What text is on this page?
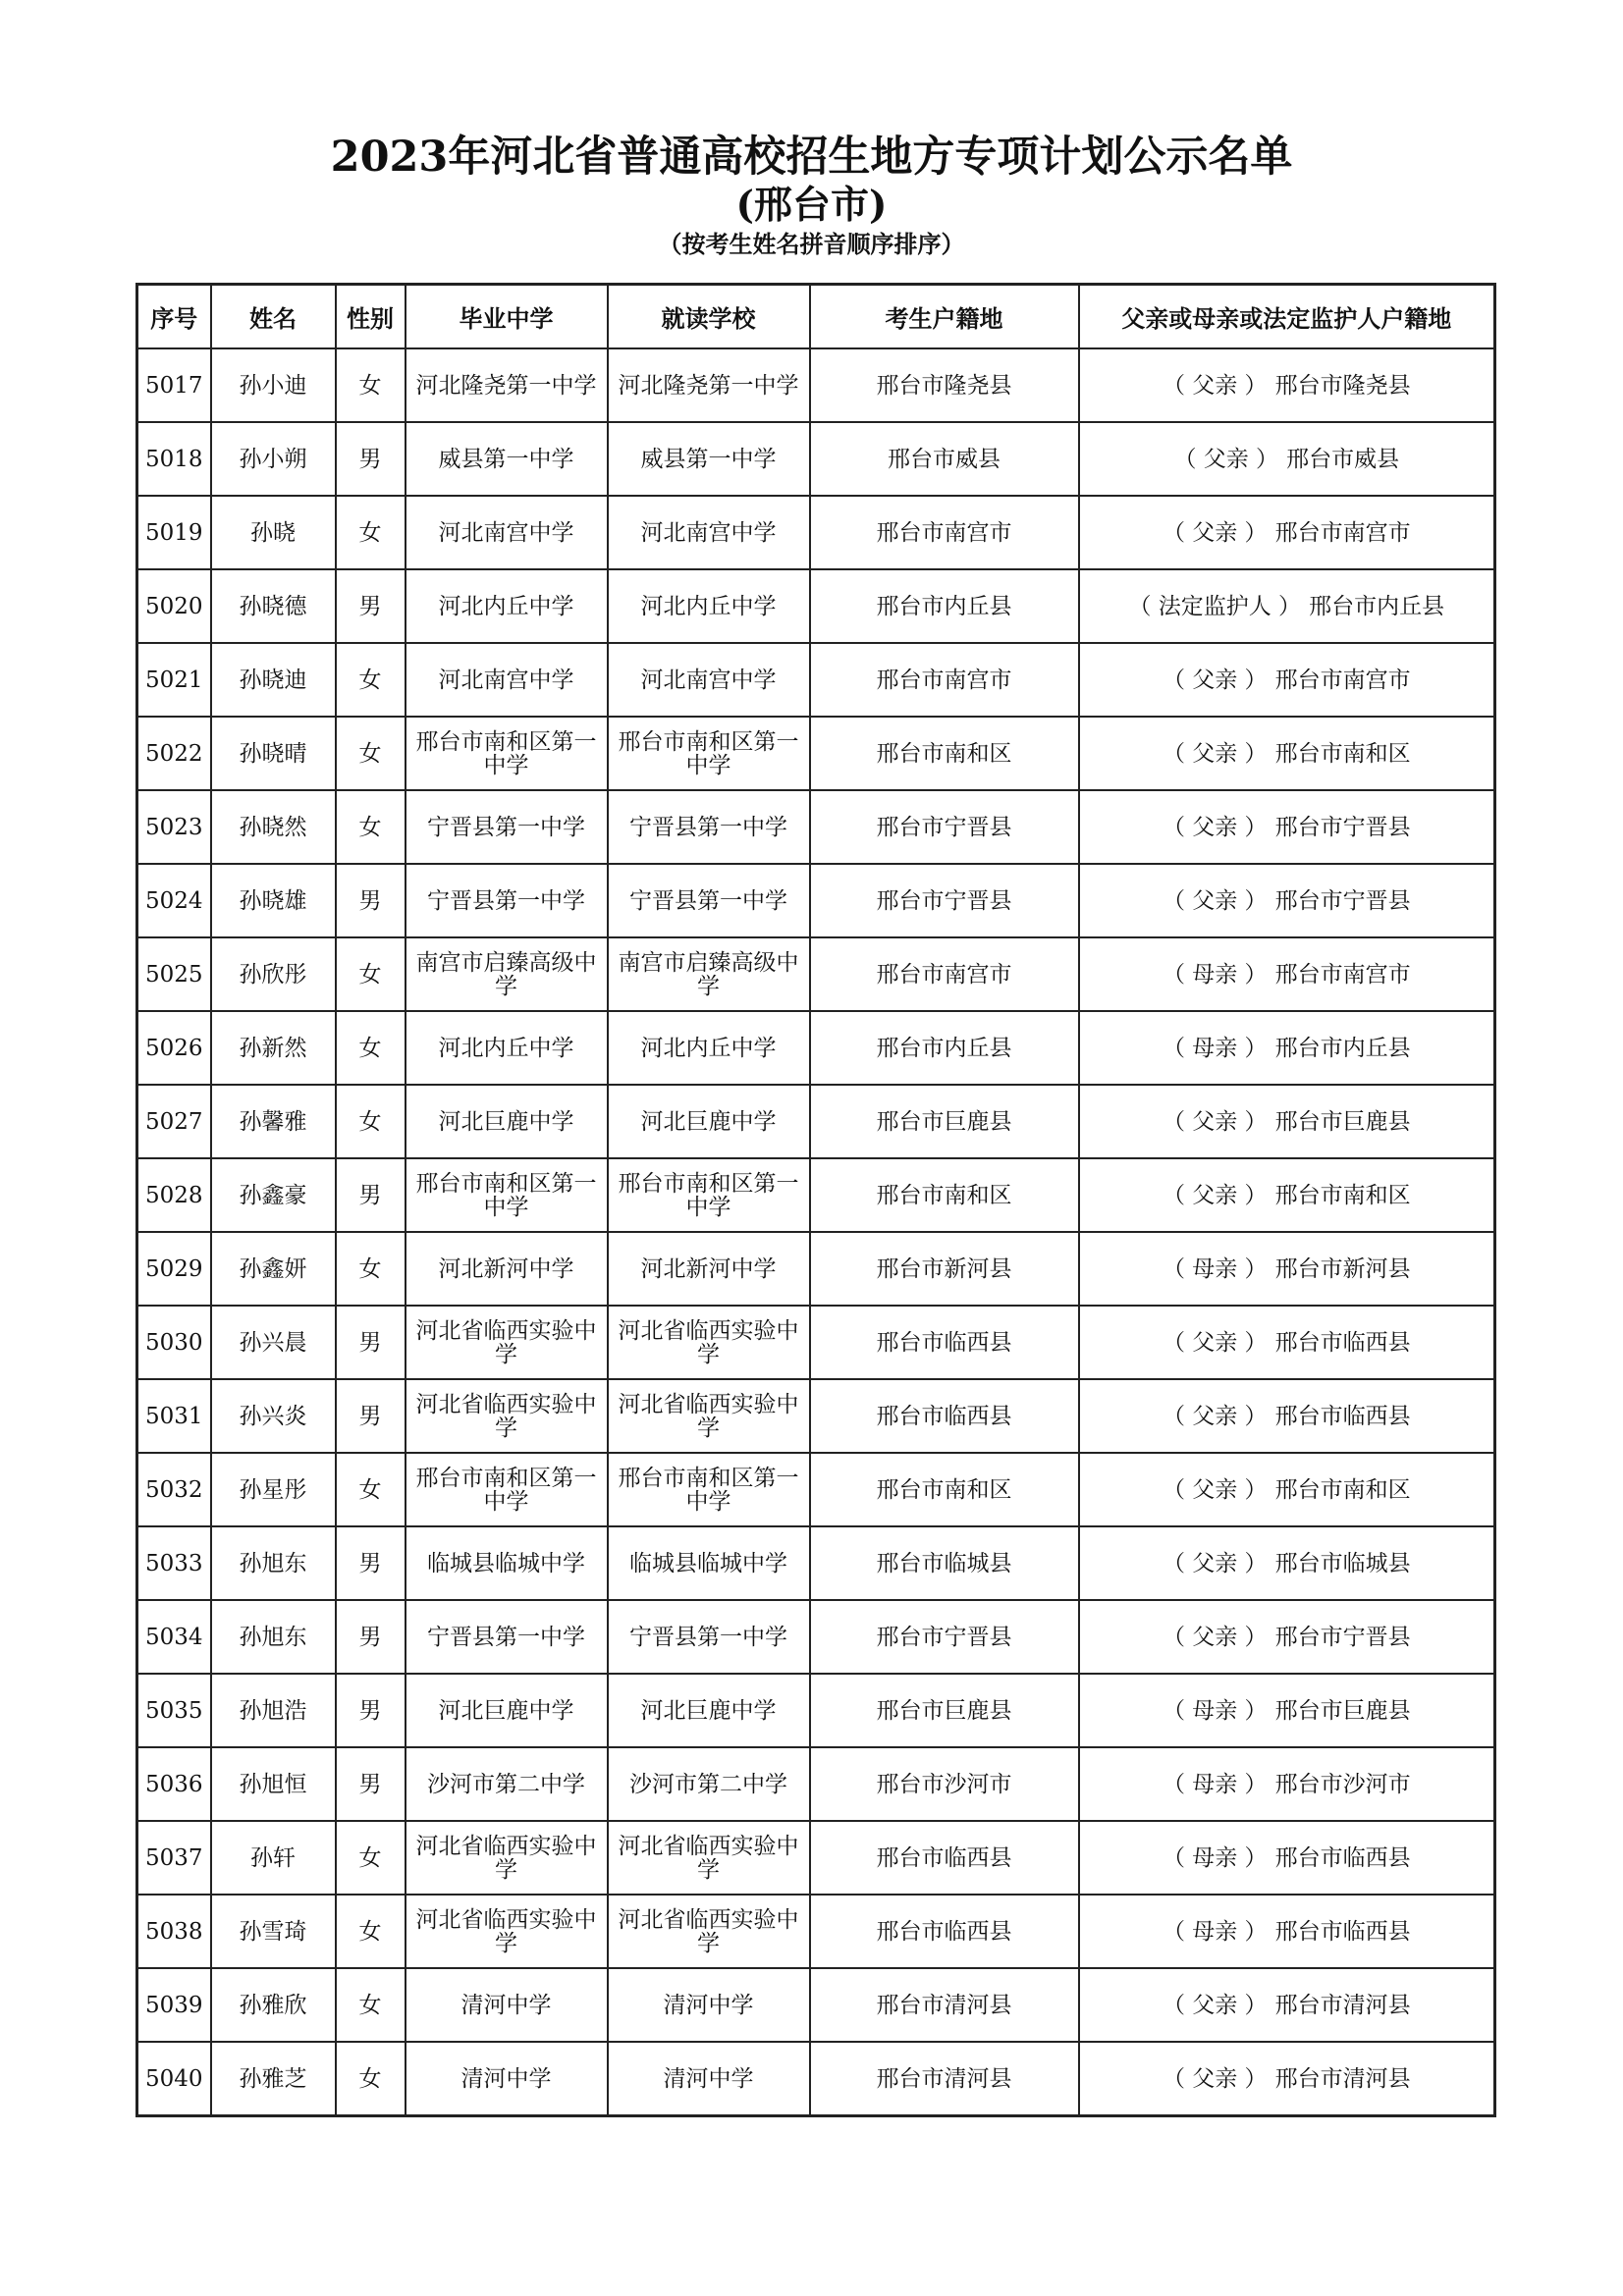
2023年河北省普通高校招生地方专项计划公示名单
(邢台市)
（按考生姓名拼音顺序排序）
序号	姓名	性别	毕业中学	就读学校	考生户籍地	父亲或母亲或法定监护人户籍地
5017	孙小迪	女	河北隆尧第一中学	河北隆尧第一中学	邢台市隆尧县	（ 父亲 ） 邢台市隆尧县
5018	孙小朔	男	威县第一中学	威县第一中学	邢台市威县	（ 父亲 ） 邢台市威县
5019	孙晓	女	河北南宫中学	河北南宫中学	邢台市南宫市	（ 父亲 ） 邢台市南宫市
5020	孙晓德	男	河北内丘中学	河北内丘中学	邢台市内丘县	（ 法定监护人 ） 邢台市内丘县
5021	孙晓迪	女	河北南宫中学	河北南宫中学	邢台市南宫市	（ 父亲 ） 邢台市南宫市
5022	孙晓晴	女	邢台市南和区第一中学	邢台市南和区第一中学	邢台市南和区	（ 父亲 ） 邢台市南和区
5023	孙晓然	女	宁晋县第一中学	宁晋县第一中学	邢台市宁晋县	（ 父亲 ） 邢台市宁晋县
5024	孙晓雄	男	宁晋县第一中学	宁晋县第一中学	邢台市宁晋县	（ 父亲 ） 邢台市宁晋县
5025	孙欣彤	女	南宫市启臻高级中学	南宫市启臻高级中学	邢台市南宫市	（ 母亲 ） 邢台市南宫市
5026	孙新然	女	河北内丘中学	河北内丘中学	邢台市内丘县	（ 母亲 ） 邢台市内丘县
5027	孙馨雅	女	河北巨鹿中学	河北巨鹿中学	邢台市巨鹿县	（ 父亲 ） 邢台市巨鹿县
5028	孙鑫豪	男	邢台市南和区第一中学	邢台市南和区第一中学	邢台市南和区	（ 父亲 ） 邢台市南和区
5029	孙鑫妍	女	河北新河中学	河北新河中学	邢台市新河县	（ 母亲 ） 邢台市新河县
5030	孙兴晨	男	河北省临西实验中学	河北省临西实验中学	邢台市临西县	（ 父亲 ） 邢台市临西县
5031	孙兴炎	男	河北省临西实验中学	河北省临西实验中学	邢台市临西县	（ 父亲 ） 邢台市临西县
5032	孙星彤	女	邢台市南和区第一中学	邢台市南和区第一中学	邢台市南和区	（ 父亲 ） 邢台市南和区
5033	孙旭东	男	临城县临城中学	临城县临城中学	邢台市临城县	（ 父亲 ） 邢台市临城县
5034	孙旭东	男	宁晋县第一中学	宁晋县第一中学	邢台市宁晋县	（ 父亲 ） 邢台市宁晋县
5035	孙旭浩	男	河北巨鹿中学	河北巨鹿中学	邢台市巨鹿县	（ 母亲 ） 邢台市巨鹿县
5036	孙旭恒	男	沙河市第二中学	沙河市第二中学	邢台市沙河市	（ 母亲 ） 邢台市沙河市
5037	孙轩	女	河北省临西实验中学	河北省临西实验中学	邢台市临西县	（ 母亲 ） 邢台市临西县
5038	孙雪琦	女	河北省临西实验中学	河北省临西实验中学	邢台市临西县	（ 母亲 ） 邢台市临西县
5039	孙雅欣	女	清河中学	清河中学	邢台市清河县	（ 父亲 ） 邢台市清河县
5040	孙雅芝	女	清河中学	清河中学	邢台市清河县	（ 父亲 ） 邢台市清河县
